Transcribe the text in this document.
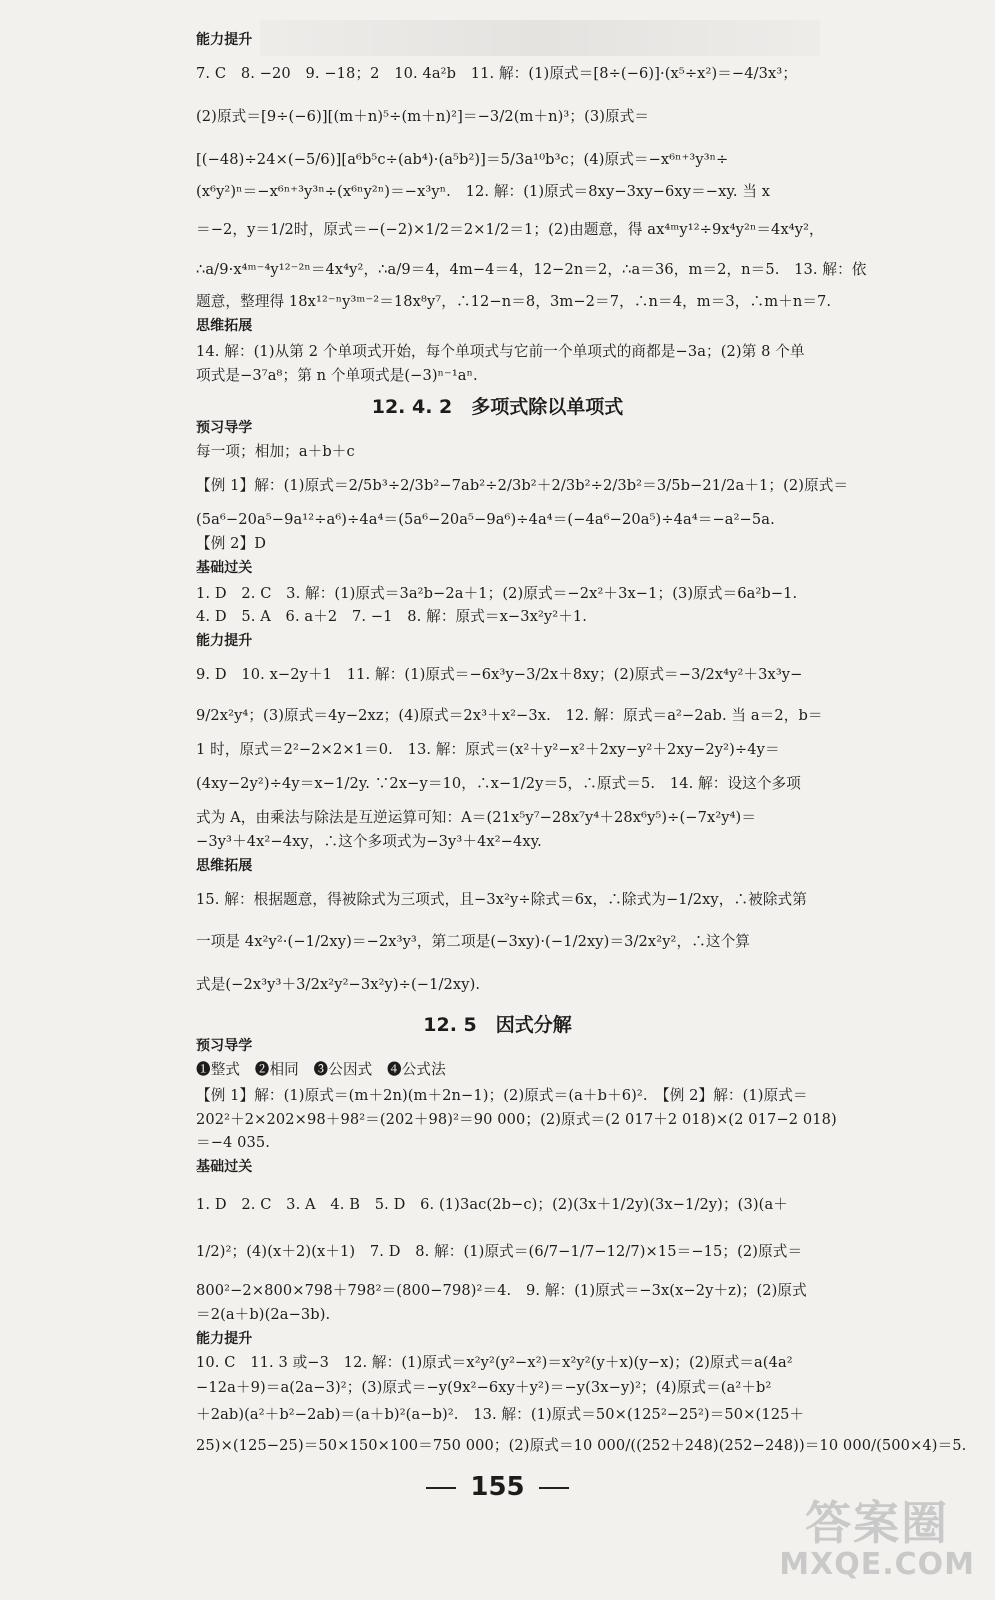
能力提升
7. C　8. −20　9. −18；2　10. 4a²b　11. 解：(1)原式＝[8÷(−6)]·(x⁵÷x²)＝−4/3x³；
(2)原式＝[9÷(−6)][(m＋n)⁵÷(m＋n)²]＝−3/2(m＋n)³；(3)原式＝
[(−48)÷24×(−5/6)][a⁶b⁵c÷(ab⁴)·(a⁵b²)]＝5/3a¹⁰b³c；(4)原式＝−x⁶ⁿ⁺³y³ⁿ÷
(x⁶y²)ⁿ＝−x⁶ⁿ⁺³y³ⁿ÷(x⁶ⁿy²ⁿ)＝−x³yⁿ.　12. 解：(1)原式＝8xy−3xy−6xy＝−xy. 当 x
＝−2，y＝1/2时，原式＝−(−2)×1/2＝2×1/2＝1；(2)由题意，得 ax⁴ᵐy¹²÷9x⁴y²ⁿ＝4x⁴y²，
∴a/9·x⁴ᵐ⁻⁴y¹²⁻²ⁿ＝4x⁴y²，∴a/9＝4，4m−4＝4，12−2n＝2，∴a＝36，m＝2，n＝5.　13. 解：依
题意，整理得 18x¹²⁻ⁿy³ᵐ⁻²＝18x⁸y⁷，∴12−n＝8，3m−2＝7，∴n＝4，m＝3，∴m＋n＝7.
思维拓展
14. 解：(1)从第 2 个单项式开始，每个单项式与它前一个单项式的商都是−3a；(2)第 8 个单
项式是−3⁷a⁸；第 n 个单项式是(−3)ⁿ⁻¹aⁿ.
12. 4. 2　多项式除以单项式
预习导学
每一项；相加；a＋b＋c
【例 1】解：(1)原式＝2/5b³÷2/3b²−7ab²÷2/3b²＋2/3b²÷2/3b²＝3/5b−21/2a＋1；(2)原式＝
(5a⁶−20a⁵−9a¹²÷a⁶)÷4a⁴＝(5a⁶−20a⁵−9a⁶)÷4a⁴＝(−4a⁶−20a⁵)÷4a⁴＝−a²−5a.
【例 2】D
基础过关
1. D　2. C　3. 解：(1)原式＝3a²b−2a＋1；(2)原式＝−2x²＋3x−1；(3)原式＝6a²b−1.
4. D　5. A　6. a＋2　7. −1　8. 解：原式＝x−3x²y²＋1.
能力提升
9. D　10. x−2y＋1　11. 解：(1)原式＝−6x³y−3/2x＋8xy；(2)原式＝−3/2x⁴y²＋3x³y−
9/2x²y⁴；(3)原式＝4y−2xz；(4)原式＝2x³＋x²−3x.　12. 解：原式＝a²−2ab. 当 a＝2，b＝
1 时，原式＝2²−2×2×1＝0.　13. 解：原式＝(x²＋y²−x²＋2xy−y²＋2xy−2y²)÷4y＝
(4xy−2y²)÷4y＝x−1/2y. ∵2x−y＝10，∴x−1/2y＝5，∴原式＝5.　14. 解：设这个多项
式为 A，由乘法与除法是互逆运算可知：A＝(21x⁵y⁷−28x⁷y⁴＋28x⁶y⁵)÷(−7x²y⁴)＝
−3y³＋4x²−4xy，∴这个多项式为−3y³＋4x²−4xy.
思维拓展
15. 解：根据题意，得被除式为三项式，且−3x²y÷除式＝6x，∴除式为−1/2xy，∴被除式第
一项是 4x²y²·(−1/2xy)＝−2x³y³，第二项是(−3xy)·(−1/2xy)＝3/2x²y²，∴这个算
式是(−2x³y³＋3/2x²y²−3x²y)÷(−1/2xy).
12. 5　因式分解
预习导学
❶整式　❷相同　❸公因式　❹公式法
【例 1】解：(1)原式＝(m＋2n)(m＋2n−1)；(2)原式＝(a＋b＋6)².　【例 2】解：(1)原式＝
202²＋2×202×98＋98²＝(202＋98)²＝90 000；(2)原式＝(2 017＋2 018)×(2 017−2 018)
＝−4 035.
基础过关
1. D　2. C　3. A　4. B　5. D　6. (1)3ac(2b−c)；(2)(3x＋1/2y)(3x−1/2y)；(3)(a＋
1/2)²；(4)(x＋2)(x＋1)　7. D　8. 解：(1)原式＝(6/7−1/7−12/7)×15＝−15；(2)原式＝
800²−2×800×798＋798²＝(800−798)²＝4.　9. 解：(1)原式＝−3x(x−2y＋z)；(2)原式
＝2(a＋b)(2a−3b).
能力提升
10. C　11. 3 或−3　12. 解：(1)原式＝x²y²(y²−x²)＝x²y²(y＋x)(y−x)；(2)原式＝a(4a²
−12a＋9)＝a(2a−3)²；(3)原式＝−y(9x²−6xy＋y²)＝−y(3x−y)²；(4)原式＝(a²＋b²
＋2ab)(a²＋b²−2ab)＝(a＋b)²(a−b)².　13. 解：(1)原式＝50×(125²−25²)＝50×(125＋
25)×(125−25)＝50×150×100＝750 000；(2)原式＝10 000/((252＋248)(252−248))＝10 000/(500×4)＝5.
155
答案圈
MXQE.COM
